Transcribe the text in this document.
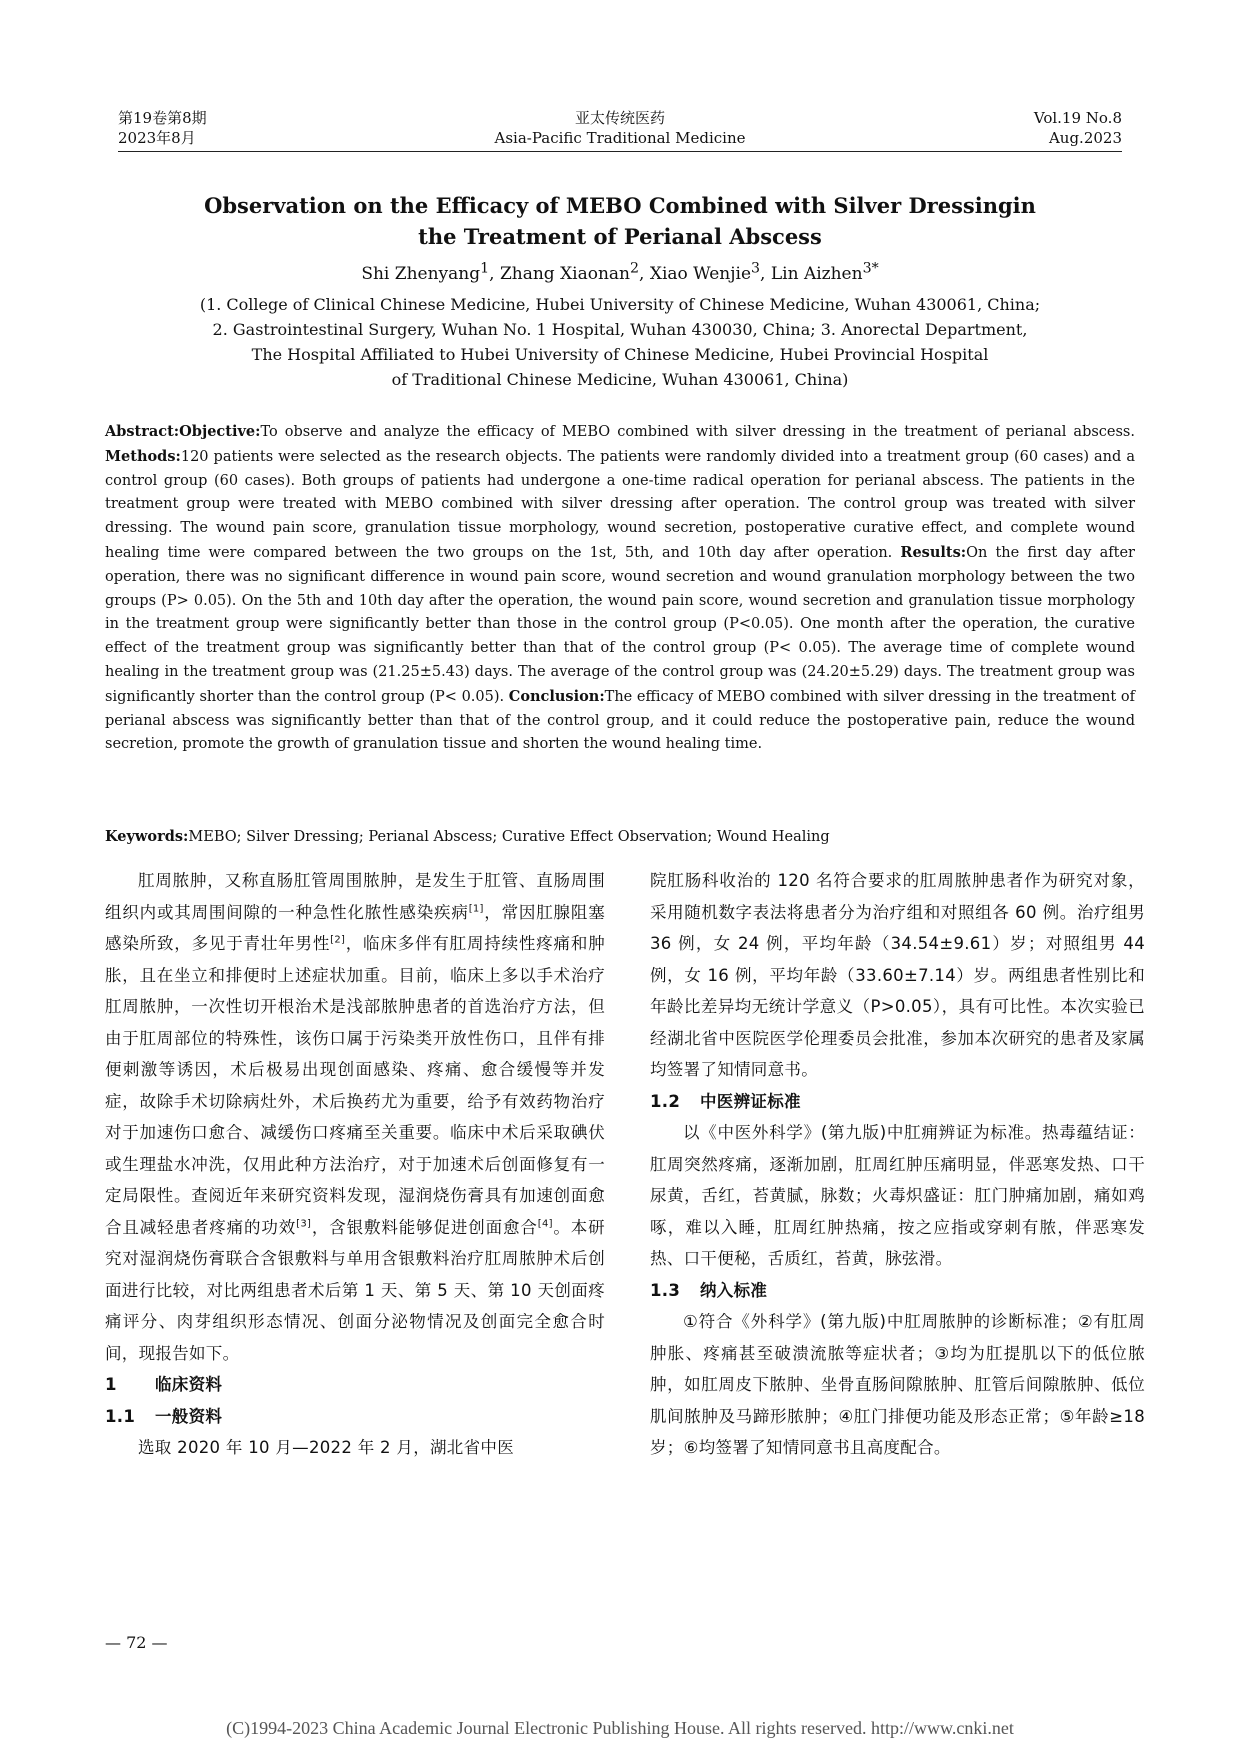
第19卷第8期
2023年8月
亚太传统医药
Asia-Pacific Traditional Medicine
Vol.19 No.8
Aug.2023
Observation on the Efficacy of MEBO Combined with Silver Dressingin
the Treatment of Perianal Abscess
Shi Zhenyang$^1$, Zhang Xiaonan$^2$, Xiao Wenjie$^3$, Lin Aizhen$^{3*}$
(1. College of Clinical Chinese Medicine, Hubei University of Chinese Medicine, Wuhan 430061, China;
2. Gastrointestinal Surgery, Wuhan No. 1 Hospital, Wuhan 430030, China; 3. Anorectal Department,
The Hospital Affiliated to Hubei University of Chinese Medicine, Hubei Provincial Hospital
of Traditional Chinese Medicine, Wuhan 430061, China)
Abstract:Objective:To observe and analyze the efficacy of MEBO combined with silver dressing in the treatment of perianal abscess. Methods:120 patients were selected as the research objects. The patients were randomly divided into a treatment group (60 cases) and a control group (60 cases). Both groups of patients had undergone a one-time radical operation for perianal abscess. The patients in the treatment group were treated with MEBO combined with silver dressing after operation. The control group was treated with silver dressing. The wound pain score, granulation tissue morphology, wound secretion, postoperative curative effect, and complete wound healing time were compared between the two groups on the 1st, 5th, and 10th day after operation. Results:On the first day after operation, there was no significant difference in wound pain score, wound secretion and wound granulation morphology between the two groups (P> 0.05). On the 5th and 10th day after the operation, the wound pain score, wound secretion and granulation tissue morphology in the treatment group were significantly better than those in the control group (P<0.05). One month after the operation, the curative effect of the treatment group was significantly better than that of the control group (P< 0.05). The average time of complete wound healing in the treatment group was (21.25±5.43) days. The average of the control group was (24.20±5.29) days. The treatment group was significantly shorter than the control group (P< 0.05). Conclusion:The efficacy of MEBO combined with silver dressing in the treatment of perianal abscess was significantly better than that of the control group, and it could reduce the postoperative pain, reduce the wound secretion, promote the growth of granulation tissue and shorten the wound healing time.
Keywords:MEBO; Silver Dressing; Perianal Abscess; Curative Effect Observation; Wound Healing

肛周脓肿，又称直肠肛管周围脓肿，是发生于肛管、直肠周围组织内或其周围间隙的一种急性化脓性感染疾病[1]，常因肛腺阻塞感染所致，多见于青壮年男性[2]，临床多伴有肛周持续性疼痛和肿胀，且在坐立和排便时上述症状加重。目前，临床上多以手术治疗肛周脓肿，一次性切开根治术是浅部脓肿患者的首选治疗方法，但由于肛周部位的特殊性，该伤口属于污染类开放性伤口，且伴有排便刺激等诱因，术后极易出现创面感染、疼痛、愈合缓慢等并发症，故除手术切除病灶外，术后换药尤为重要，给予有效药物治疗对于加速伤口愈合、减缓伤口疼痛至关重要。临床中术后采取碘伏或生理盐水冲洗，仅用此种方法治疗，对于加速术后创面修复有一定局限性。查阅近年来研究资料发现，湿润烧伤膏具有加速创面愈合且减轻患者疼痛的功效[3]，含银敷料能够促进创面愈合[4]。本研究对湿润烧伤膏联合含银敷料与单用含银敷料治疗肛周脓肿术后创面进行比较，对比两组患者术后第 1 天、第 5 天、第 10 天创面疼痛评分、肉芽组织形态情况、创面分泌物情况及创面完全愈合时间，现报告如下。

1 临床资料

1.1 一般资料

选取 2020 年 10 月—2022 年 2 月，湖北省中医

院肛肠科收治的 120 名符合要求的肛周脓肿患者作为研究对象，采用随机数字表法将患者分为治疗组和对照组各 60 例。治疗组男 36 例，女 24 例，平均年龄（34.54±9.61）岁；对照组男 44 例，女 16 例，平均年龄（33.60±7.14）岁。两组患者性别比和年龄比差异均无统计学意义（P>0.05），具有可比性。本次实验已经湖北省中医院医学伦理委员会批准，参加本次研究的患者及家属均签署了知情同意书。

1.2 中医辨证标准

以《中医外科学》(第九版)中肛痈辨证为标准。热毒蕴结证：肛周突然疼痛，逐渐加剧，肛周红肿压痛明显，伴恶寒发热、口干尿黄，舌红，苔黄腻，脉数；火毒炽盛证：肛门肿痛加剧，痛如鸡啄，难以入睡，肛周红肿热痛，按之应指或穿刺有脓，伴恶寒发热、口干便秘，舌质红，苔黄，脉弦滑。

1.3 纳入标准

①符合《外科学》(第九版)中肛周脓肿的诊断标准；②有肛周肿胀、疼痛甚至破溃流脓等症状者；③均为肛提肌以下的低位脓肿，如肛周皮下脓肿、坐骨直肠间隙脓肿、肛管后间隙脓肿、低位肌间脓肿及马蹄形脓肿；④肛门排便功能及形态正常；⑤年龄≥18 岁；⑥均签署了知情同意书且高度配合。

— 72 —
(C)1994-2023 China Academic Journal Electronic Publishing House. All rights reserved. http://www.cnki.net
